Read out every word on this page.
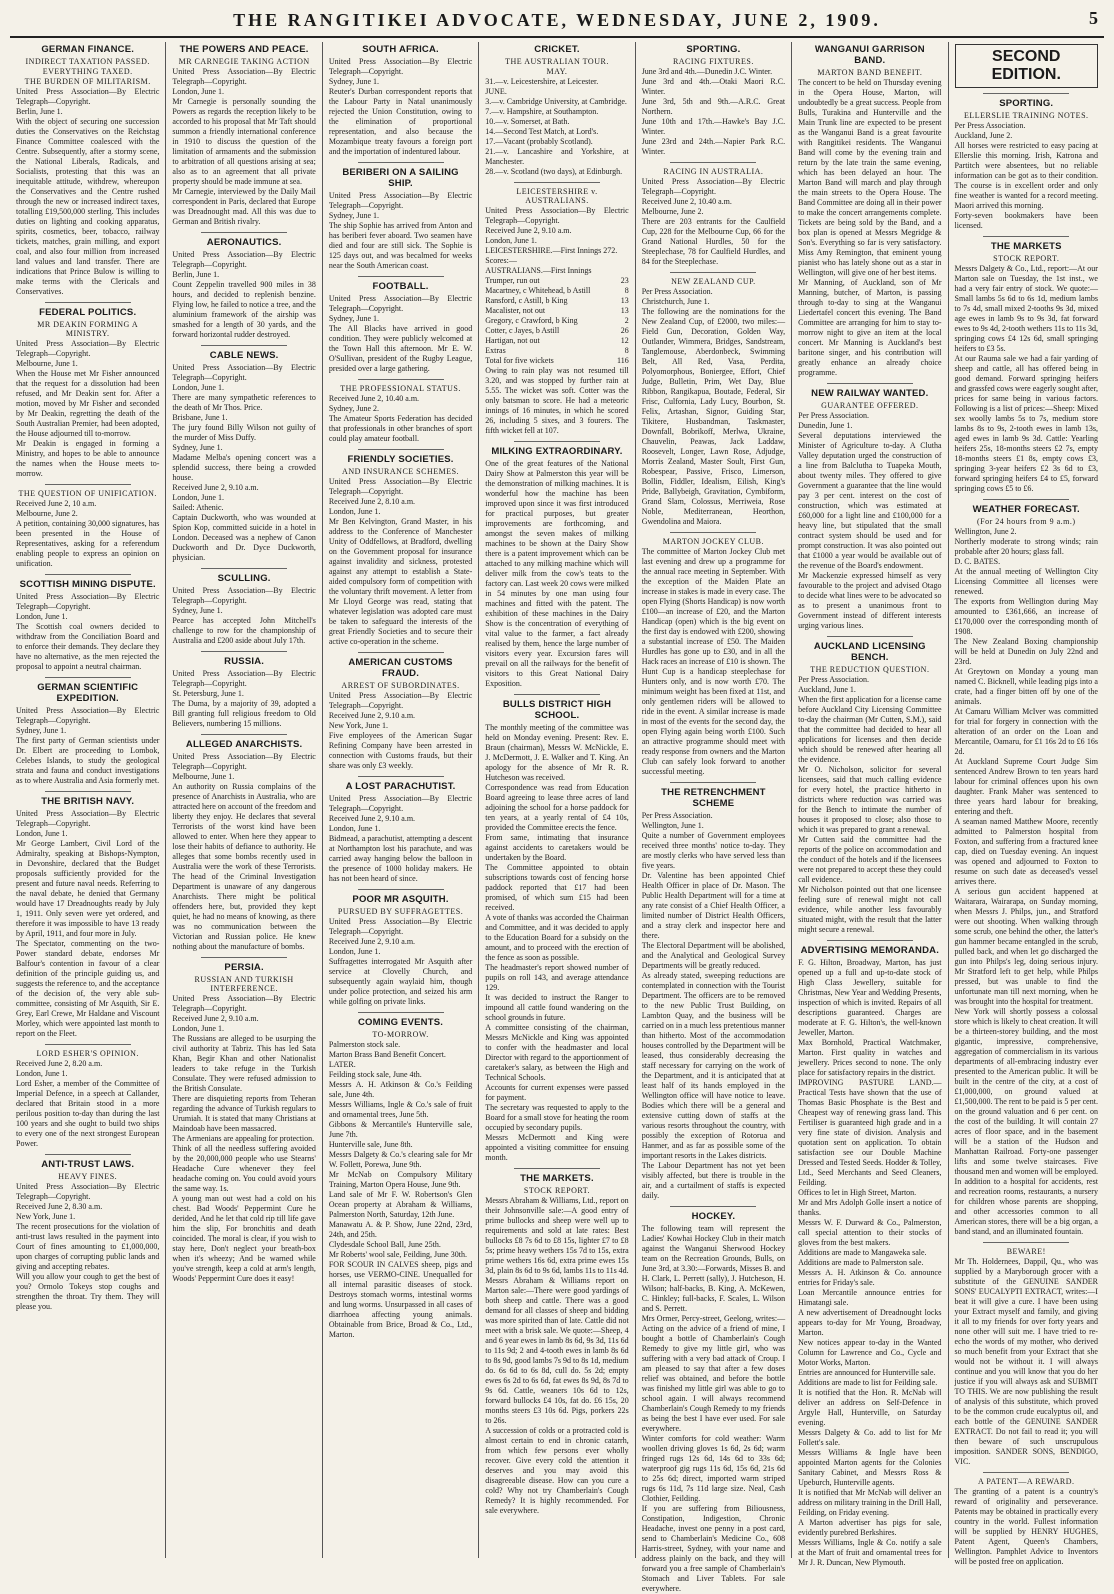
THE RANGITIKEI ADVOCATE, WEDNESDAY, JUNE 2, 1909.	5
GERMAN FINANCE.
INDIRECT TAXATION PASSED.
EVERYTHING TAXED.
THE BURDEN OF MILITARISM.
United Press Association—By Electric Telegraph—Copyright.
Berlin, June 1.
With the object of securing one succession duties the Conservatives on the Reichstag Finance Committee coalesced with the Centre. Subsequently, after a stormy scene, the National Liberals, Radicals, and Socialists, protesting that this was an inequitable attitude, withdrew, whereupon the Conservatives and the Centre rushed through the new or increased indirect taxes, totalling £19,500,000 sterling. This includes duties on lighting and cooking apparatus, spirits, cosmetics, beer, tobacco, railway tickets, matches, grain milling, and export coal, and also four million from increased land values and land transfer. There are indications that Prince Bulow is willing to make terms with the Clericals and Conservatives.
FEDERAL POLITICS.
MR DEAKIN FORMING A MINISTRY.
United Press Association—By Electric Telegraph—Copyright.
Melbourne, June 1.
When the House met Mr Fisher announced that the request for a dissolution had been refused, and Mr Deakin sent for. After a motion, moved by Mr Fisher and seconded by Mr Deakin, regretting the death of the South Australian Premier, had been adopted, the House adjourned till to-morrow.
Mr Deakin is engaged in forming a Ministry, and hopes to be able to announce the names when the House meets to-morrow.
THE QUESTION OF UNIFICATION.
Received June 2, 10 a.m.
Melbourne, June 2.
A petition, containing 30,000 signatures, has been presented in the House of Representatives, asking for a referendum enabling people to express an opinion on unification.
SCOTTISH MINING DISPUTE.
United Press Association—By Electric Telegraph—Copyright.
London, June 1.
The Scottish coal owners decided to withdraw from the Conciliation Board and to enforce their demands. They declare they have no alternative, as the men rejected the proposal to appoint a neutral chairman.
GERMAN SCIENTIFIC EXPEDITION.
United Press Association—By Electric Telegraph—Copyright.
Sydney, June 1.
The first party of German scientists under Dr. Elbert are proceeding to Lombok, Celebes Islands, to study the geological strata and fauna and conduct investigations as to where Australia and Asia formerly met.
THE BRITISH NAVY.
United Press Association—By Electric Telegraph—Copyright.
London, June 1.
Mr George Lambert, Civil Lord of the Admiralty, speaking at Bishops-Nympton, in Devonshire, declared that the Budget proposals sufficiently provided for the present and future naval needs. Referring to the naval debate, he denied that Germany would have 17 Dreadnoughts ready by July 1, 1911. Only seven were yet ordered, and therefore it was impossible to have 13 ready by April, 1911, and four more in July.
The Spectator, commenting on the two-Power standard debate, endorses Mr Balfour's contention in favour of a clear definition of the principle guiding us, and suggests the reference to, and the acceptance of the decision of, the very able sub-committee, consisting of Mr Asquith, Sir E. Grey, Earl Crewe, Mr Haldane and Viscount Morley, which were appointed last month to report on the Fleet.
LORD ESHER'S OPINION.
Received June 2, 8.20 a.m.
London, June 1.
Lord Esher, a member of the Committee of Imperial Defence, in a speech at Callander, declared that Britain stood in a more perilous position to-day than during the last 100 years and she ought to build two ships to every one of the next strongest European Power.
ANTI-TRUST LAWS.
HEAVY FINES.
United Press Association—By Electric Telegraph—Copyright.
Received June 2, 8.30 a.m.
New York, June 1.
The recent prosecutions for the violation of anti-trust laws resulted in the payment into Court of fines amounting to £1,000,000, upon charges of corrupting public lands and giving and accepting rebates.
Will you allow your cough to get the best of you? Ormolo Tokeys stop coughs and strengthen the throat. Try them. They will please you.
THE POWERS AND PEACE.
MR CARNEGIE TAKING ACTION
United Press Association—By Electric Telegraph—Copyright.
London, June 1.
Mr Carnegie is personally sounding the Powers as regards the reception likely to be accorded to his proposal that Mr Taft should summon a friendly international conference in 1910 to discuss the question of the limitation of armaments and the submission to arbitration of all questions arising at sea; also as to an agreement that all private property should be made immune at sea.
Mr Carnegie, interviewed by the Daily Mail correspondent in Paris, declared that Europe was Dreadnought mad. All this was due to German and British rivalry.
AERONAUTICS.
United Press Association—By Electric Telegraph—Copyright.
Berlin, June 1.
Count Zeppelin travelled 900 miles in 38 hours, and decided to replenish benzine. Flying low, he failed to notice a tree, and the aluminium framework of the airship was smashed for a length of 30 yards, and the forward horizontal rudder destroyed.
CABLE NEWS.
United Press Association—By Electric Telegraph—Copyright.
London, June 1.
There are many sympathetic references to the death of Mr Thos. Price.
Brisbane, June 1.
The jury found Billy Wilson not guilty of the murder of Miss Duffy.
Sydney, June 1.
Madame Melba's opening concert was a splendid success, there being a crowded house.
Received June 2, 9.10 a.m.
London, June 1.
Sailed: Athenic.
Captain Duckworth, who was wounded at Spion Kop, committed suicide in a hotel in London. Deceased was a nephew of Canon Duckworth and Dr. Dyce Duckworth, physician.
SCULLING.
United Press Association—By Electric Telegraph—Copyright.
Sydney, June 1.
Pearce has accepted John Mitchell's challenge to row for the championship of Australia and £200 aside about July 17th.
RUSSIA.
United Press Association—By Electric Telegraph—Copyright.
St. Petersburg, June 1.
The Duma, by a majority of 39, adopted a Bill granting full religious freedom to Old Believers, numbering 15 millions.
ALLEGED ANARCHISTS.
United Press Association—By Electric Telegraph—Copyright.
Melbourne, June 1.
An authority on Russia complains of the presence of Anarchists in Australia, who are attracted here on account of the freedom and liberty they enjoy. He declares that several Terrorists of the worst kind have been allowed to enter. When here they appear to lose their habits of defiance to authority. He alleges that some bombs recently used in Australia were the work of these Terrorists. The head of the Criminal Investigation Department is unaware of any dangerous Anarchists. There might be political offenders here, but, provided they kept quiet, he had no means of knowing, as there was no communication between the Victorian and Russian police. He knew nothing about the manufacture of bombs.
PERSIA.
RUSSIAN AND TURKISH INTERFERENCE.
United Press Association—By Electric Telegraph—Copyright.
Received June 2, 9.10 a.m.
London, June 1.
The Russians are alleged to be usurping the civil authority at Tabriz. This has led Sata Khan, Begir Khan and other Nationalist leaders to take refuge in the Turkish Consulate. They were refused admission to the British Consulate.
There are disquieting reports from Teheran regarding the advance of Turkish regulars to Urumiah. It is stated that many Christians at Maindoab have been massacred.
The Armenians are appealing for protection.
Think of all the needless suffering avoided by the 20,000,000 people who use Stearns' Headache Cure whenever they feel headache coming on. You could avoid yours the same way. 1s.
A young man out west had a cold on his chest. Bad Woods' Peppermint Cure he derided, And he let that cold rip till life gave him the slip, For bronchitis and death coincided. The moral is clear, if you wish to stay here, Don't neglect your breath-box when it's wheezy; And be warned while you've strength, keep a cold at arm's length, Woods' Peppermint Cure does it easy!
SOUTH AFRICA.
United Press Association—By Electric Telegraph—Copyright.
Sydney, June 1.
Reuter's Durban correspondent reports that the Labour Party in Natal unanimously rejected the Union Constitution, owing to the elimination of proportional representation, and also because the Mozambique treaty favours a foreign port and the importation of indentured labour.
BERIBERI ON A SAILING SHIP.
United Press Association—By Electric Telegraph—Copyright.
Sydney, June 1.
The ship Sophie has arrived from Anton and has beriberi fever aboard. Two seamen have died and four are still sick. The Sophie is 125 days out, and was becalmed for weeks near the South American coast.
FOOTBALL.
United Press Association—By Electric Telegraph—Copyright.
Sydney, June 1.
The All Blacks have arrived in good condition. They were publicly welcomed at the Town Hall this afternoon. Mr E. W. O'Sullivan, president of the Rugby League, presided over a large gathering.
THE PROFESSIONAL STATUS.
Received June 2, 10.40 a.m.
Sydney, June 2.
The Amateur Sports Federation has decided that professionals in other branches of sport could play amateur football.
FRIENDLY SOCIETIES.
AND INSURANCE SCHEMES.
United Press Association—By Electric Telegraph—Copyright.
Received June 2, 8.10 a.m.
London, June 1.
Mr Ben Kelvington, Grand Master, in his address to the Conference of Manchester Unity of Oddfellows, at Bradford, dwelling on the Government proposal for insurance against invalidity and sickness, protested against any attempt to establish a State-aided compulsory form of competition with the voluntary thrift movement. A letter from Mr Lloyd George was read, stating that whatever legislation was adopted care must be taken to safeguard the interests of the great Friendly Societies and to secure their active co-operation in the scheme.
AMERICAN CUSTOMS FRAUD.
ARREST OF SUBORDINATES.
United Press Association—By Electric Telegraph—Copyright.
Received June 2, 9.10 a.m.
New York, June 1.
Five employees of the American Sugar Refining Company have been arrested in connection with Customs frauds, but their share was only £3 weekly.
A LOST PARACHUTIST.
United Press Association—By Electric Telegraph—Copyright.
Received June 2, 9.10 a.m.
London, June 1.
Bidmead, a parachutist, attempting a descent at Northampton lost his parachute, and was carried away hanging below the balloon in the presence of 1000 holiday makers. He has not been heard of since.
POOR MR ASQUITH.
PURSUED BY SUFFRAGETTES.
United Press Association—By Electric Telegraph—Copyright.
Received June 2, 9.10 a.m.
London, June 1.
Suffragettes interrogated Mr Asquith after service at Clovelly Church, and subsequently again waylaid him, though under police protection, and seized his arm while golfing on private links.
COMING EVENTS.
TO-MORROW.
Palmerston stock sale.
Marton Brass Band Benefit Concert.
LATER.
Feilding stock sale, June 4th.
Messrs A. H. Atkinson & Co.'s Feilding sale, June 4th.
Messrs Williams, Ingle & Co.'s sale of fruit and ornamental trees, June 5th.
Gibbons & Mercantile's Hunterville sale, June 7th.
Hunterville sale, June 8th.
Messrs Dalgety & Co.'s clearing sale for Mr W. Follett, Porewa, June 9th.
Mr McNab on Compulsory Military Training, Marton Opera House, June 9th.
Land sale of Mr F. W. Robertson's Glen Ocean property at Abraham & Williams, Palmerston North, Saturday, 12th June.
Manawatu A. & P. Show, June 22nd, 23rd, 24th, and 25th.
Clydesdale School Ball, June 25th.
Mr Roberts' wool sale, Feilding, June 30th.
FOR SCOUR IN CALVES sheep, pigs and horses, use VERMO-CINE. Unequalled for all internal parasitic diseases of stock. Destroys stomach worms, intestinal worms and lung worms. Unsurpassed in all cases of diarrhoea affecting young animals. Obtainable from Brice, Broad & Co., Ltd., Marton.
CRICKET.
THE AUSTRALIAN TOUR.
MAY.
31.—v. Leicestershire, at Leicester.
JUNE.
3.—v. Cambridge University, at Cambridge.
7.—v. Hampshire, at Southampton.
10.—v. Somerset, at Bath.
14.—Second Test Match, at Lord's.
17.—Vacant (probably Scotland).
21.—v. Lancashire and Yorkshire, at Manchester.
28.—v. Scotland (two days), at Edinburgh.
LEICESTERSHIRE v. AUSTRALIANS.
United Press Association—By Electric Telegraph—Copyright.
Received June 2, 9.10 a.m.
London, June 1.
LEICESTERSHIRE.—First Innings 272.
Scores:—
AUSTRALIANS.—First Innings
Trumper, run out	23
Macartney, c Whitehead, b Astill	8
Ransford, c Astill, b King	13
Macalister, not out	13
Gregory, c Crawford, b King	2
Cotter, c Jayes, b Astill	26
Hartigan, not out	12
Extras	8
Total for five wickets	116
Owing to rain play was not resumed till 3.20, and was stopped by further rain at 5.55. The wicket was soft. Cotter was the only batsman to score. He had a meteoric innings of 16 minutes, in which he scored 26, including 5 sixes, and 3 fourers. The fifth wicket fell at 107.
MILKING EXTRAORDINARY.
One of the great features of the National Dairy Show at Palmerston this year will be the demonstration of milking machines. It is wonderful how the machine has been improved upon since it was first introduced for practical purposes, but greater improvements are forthcoming, and amongst the seven makes of milking machines to be shown at the Dairy Show there is a patent improvement which can be attached to any milking machine which will deliver milk from the cow's teats to the factory can. Last week 20 cows were milked in 54 minutes by one man using four machines and fitted with the patent. The exhibition of these machines in the Dairy Show is the concentration of everything of vital value to the farmer, a fact already realised by them, hence the large number of visitors every year. Excursion fares will prevail on all the railways for the benefit of visitors to this Great National Dairy Exposition.
BULLS DISTRICT HIGH SCHOOL.
The monthly meeting of the committee was held on Monday evening. Present: Rev. E. Braun (chairman), Messrs W. McNickle, E. J. McDermott, J. E. Walker and T. King. An apology for the absence of Mr R. R. Hutcheson was received.
Correspondence was read from Education Board agreeing to lease three acres of land adjoining the school for a horse paddock for ten years, at a yearly rental of £4 10s, provided the Committee erects the fence.
From same, intimating that insurance against accidents to caretakers would be undertaken by the Board.
The Committee appointed to obtain subscriptions towards cost of fencing horse paddock reported that £17 had been promised, of which sum £15 had been received.
A vote of thanks was accorded the Chairman and Committee, and it was decided to apply to the Education Board for a subsidy on the amount, and to proceed with the erection of the fence as soon as possible.
The headmaster's report showed number of pupils on roll 143, and average attendance 129.
It was decided to instruct the Ranger to impound all cattle found wandering on the school grounds in future.
A committee consisting of the chairman, Messrs McNickle and King was appointed to confer with the headmaster and local Director with regard to the apportionment of caretaker's salary, as between the High and Technical Schools.
Accounts for current expenses were passed for payment.
The secretary was requested to apply to the Board for a small stove for heating the room occupied by secondary pupils.
Messrs McDermott and King were appointed a visiting committee for ensuing month.
THE MARKETS.
STOCK REPORT.
Messrs Abraham & Williams, Ltd., report on their Johnsonville sale:—A good entry of prime bullocks and sheep were well up to requirements and sold at late rates: Best bullocks £8 7s 6d to £8 15s, lighter £7 to £8 5s; prime heavy wethers 15s 7d to 15s, extra prime wethers 16s 6d, extra prime ewes 15s 3d, plain 8s 6d to 9s 6d, lambs 11s to 11s 4d.
Messrs Abraham & Williams report on Marton sale:—There were good yardings of both sheep and cattle. There was a good demand for all classes of sheep and bidding was more spirited than of late. Cattle did not meet with a brisk sale. We quote:—Sheep, 4 and 6 year ewes in lamb 8s 6d, 9s 3d, 11s 6d to 11s 9d; 2 and 4-tooth ewes in lamb 8s 6d to 8s 9d, good lambs 7s 9d to 8s 1d, medium do. 6s 6d to 6s 8d, cull do. 5s 2d; empty ewes 6s 2d to 6s 6d, fat ewes 8s 9d, 8s 7d to 9s 6d. Cattle, weaners 10s 6d to 12s, forward bullocks £4 10s, fat do. £6 15s, 20 months steers £3 10s 6d. Pigs, porkers 22s to 26s.
A succession of colds or a protracted cold is almost certain to end in chronic catarrh, from which few persons ever wholly recover. Give every cold the attention it deserves and you may avoid this disagreeable disease. How can you cure a cold? Why not try Chamberlain's Cough Remedy? It is highly recommended. For sale everywhere.
SPORTING.
RACING FIXTURES.
June 3rd and 4th.—Dunedin J.C. Winter.
June 3rd and 4th.—Otaki Maori R.C. Winter.
June 3rd, 5th and 9th.—A.R.C. Great Northern.
June 10th and 17th.—Hawke's Bay J.C. Winter.
June 23rd and 24th.—Napier Park R.C. Winter.
RACING IN AUSTRALIA.
United Press Association—By Electric Telegraph—Copyright.
Received June 2, 10.40 a.m.
Melbourne, June 2.
There are 203 entrants for the Caulfield Cup, 228 for the Melbourne Cup, 66 for the Grand National Hurdles, 50 for the Steeplechase, 78 for Caulfield Hurdles, and 84 for the Steeplechase.
NEW ZEALAND CUP.
Per Press Association.
Christchurch, June 1.
The following are the nominations for the New Zealand Cup, of £2000, two miles:—Field Gun, Decoration, Golden Way, Outlander, Wimmera, Bridges, Sandstream, Tanglemouse, Aberdonbeck, Swimming Belt, All Red, Vasa, Perdita, Polyomorphous, Boniergee, Effort, Chief Judge, Bulletin, Prim, Wet Day, Blue Ribbon, Rangikapua, Boutade, Federal, Sir Frisc, Culfornia, Lady Lucy, Bourbon, St. Felix, Artashan, Signor, Guiding Star, Tikitere, Husbandman, Taskmaster, Downfall, Bobrikoff, Merlwa, Ukraine, Chauvelin, Peawas, Jack Laddaw, Roosevelt, Longer, Lawn Rose, Adjudge, Morris Zealand, Master Soult, First Gun, Robespear, Passive, Frisco, Limerson, Bollin, Fiddler, Idealism, Eilish, King's Pride, Ballybeigh, Gravitation, Cymbiform, Grand Slam, Colossus, Merriweia, Rose Noble, Mediterranean, Heorthon, Gwendolina and Maiora.
MARTON JOCKEY CLUB.
The committee of Marton Jockey Club met last evening and drew up a programme for the annual race meeting in September. With the exception of the Maiden Plate an increase in stakes is made in every case. The open Flying (Shorts Handicap) is now worth £100—an increase of £20, and the Marton Handicap (open) which is the big event on the first day is endowed with £200, showing a substantial increase of £50. The Maiden Hurdles has gone up to £30, and in all the Hack races an increase of £10 is shown. The Hunt Cup is a handicap steeplechase for Hunters only, and is now worth £70. The minimum weight has been fixed at 11st, and only gentlemen riders will be allowed to ride in the event. A similar increase is made in most of the events for the second day, the open Flying again being worth £100. Such an attractive programme should meet with ready response from owners and the Marton Club can safely look forward to another successful meeting.
THE RETRENCHMENT SCHEME
Per Press Association.
Wellington, June 1.
Quite a number of Government employees received three months' notice to-day. They are mostly clerks who have served less than five years.
Dr. Valentine has been appointed Chief Health Officer in place of Dr. Mason. The Public Health Department will for a time at any rate consist of a Chief Health Officer, a limited number of District Health Officers, and a stray clerk and inspector here and there.
The Electoral Department will be abolished, and the Analytical and Geological Survey Departments will be greatly reduced.
As already stated, sweeping reductions are contemplated in connection with the Tourist Department. The officers are to be removed to the new Public Trust Building, on Lambton Quay, and the business will be carried on in a much less pretentious manner than hitherto. Most of the accommodation houses controlled by the Department will be leased, thus considerably decreasing the staff necessary for carrying on the work of the Department, and it is anticipated that at least half of its hands employed in the Wellington office will have notice to leave. Bodies which there will be a general and extensive cutting down of staffs at the various resorts throughout the country, with possibly the exception of Rotorua and Hanmer, and as far as possible some of the important resorts in the Lakes districts.
The Labour Department has not yet been visibly affected, but there is trouble in the air, and a curtailment of staffs is expected daily.
HOCKEY.
The following team will represent the Ladies' Kowhai Hockey Club in their match against the Wanganui Sherwood Hockey team on the Recreation Grounds, Bulls, on June 3rd, at 3.30:—Forwards, Misses B. and H. Clark, L. Perrett (sally), J. Hutcheson, H. Wilson; half-backs, B. King, A. McKewen, C. Hinkley; full-backs, F. Scales, L. Wilson and S. Perrett.
Mrs Ormer, Percy-street, Geelong, writes:—Acting on the advice of a friend of mine, I bought a bottle of Chamberlain's Cough Remedy to give my little girl, who was suffering with a very bad attack of Croup. I am pleased to say that after a few doses relief was obtained, and before the bottle was finished my little girl was able to go to school again. I will always recommend Chamberlain's Cough Remedy to my friends as being the best I have ever used. For sale everywhere.
Winter comforts for cold weather: Warm woollen driving gloves 1s 6d, 2s 6d; warm fringed rugs 12s 6d, 14s 6d to 33s 6d; waterproof gig rugs 11s 6d, 15s 6d, 21s 6d to 25s 6d; direct, imported warm striped rugs 6s 11d, 7s 11d large size. Neal, Cash Clothier, Feilding.
If you are suffering from Biliousness, Constipation, Indigestion, Chronic Headache, invest one penny in a post card, send to Chamberlain's Medicine Co., 608 Harris-street, Sydney, with your name and address plainly on the back, and they will forward you a free sample of Chamberlain's Stomach and Liver Tablets. For sale everywhere.
WANGANUI GARRISON BAND.
MARTON BAND BENEFIT.
The concert to be held on Thursday evening in the Opera House, Marton, will undoubtedly be a great success. People from Bulls, Turakina and Hunterville and the Main Trunk line are expected to be present as the Wanganui Band is a great favourite with Rangitikei residents. The Wanganui Band will come by the evening train and return by the late train the same evening, which has been delayed an hour. The Marton Band will march and play through the main streets to the Opera House. The Band Committee are doing all in their power to make the concert arrangements complete. Tickets are being sold by the Band, and a box plan is opened at Messrs Megridge & Son's. Everything so far is very satisfactory. Miss Amy Remington, that eminent young pianist who has lately shone out as a star in Wellington, will give one of her best items.
Mr Manning, of Auckland, son of Mr Manning, butcher, of Marton, is passing through to-day to sing at the Wanganui Liedertafel concert this evening. The Band Committee are arranging for him to stay to-morrow night to give an item at the local concert. Mr Manning is Auckland's best baritone singer, and his contribution will greatly enhance an already choice programme.
NEW RAILWAY WANTED.
GUARANTEE OFFERED.
Per Press Association.
Dunedin, June 1.
Several deputations interviewed the Minister of Agriculture to-day. A Clutha Valley deputation urged the construction of a line from Balclutha to Tuapeka Mouth, about twenty miles. They offered to give Government a guarantee that the line would pay 3 per cent. interest on the cost of construction, which was estimated at £60,000 for a light line and £100,000 for a heavy line, but stipulated that the small contract system should be used and for prompt construction. It was also pointed out that £1000 a year would be available out of the revenue of the Board's endowment.
Mr Mackenzie expressed himself as very favourable to the project and advised Otago to decide what lines were to be advocated so as to present a unanimous front to Government instead of different interests urging various lines.
AUCKLAND LICENSING BENCH.
THE REDUCTION QUESTION.
Per Press Association.
Auckland, June 1.
When the first application for a license came before Auckland City Licensing Committee to-day the chairman (Mr Cutten, S.M.), said that the committee had decided to hear all applications for licenses and then decide which should be renewed after hearing all the evidence.
Mr O. Nicholson, solicitor for several licensees, said that much calling evidence for every hotel, the practice hitherto in districts where reduction was carried was for the Bench to intimate the number of houses it proposed to close; also those to which it was prepared to grant a renewal.
Mr Cutten said the committee had the reports of the police on accommodation and the conduct of the hotels and if the licensees were not prepared to accept these they could call evidence.
Mr Nicholson pointed out that one licensee feeling sure of renewal might not call evidence, while another less favourably situated might, with the result that the latter might secure a renewal.
ADVERTISING MEMORANDA.
F. G. Hilton, Broadway, Marton, has just opened up a full and up-to-date stock of High Class Jewellery, suitable for Christmas, New Year and Wedding Presents, inspection of which is invited. Repairs of all descriptions guaranteed. Charges are moderate at F. G. Hilton's, the well-known Jeweller, Marton.
Max Bornhold, Practical Watchmaker, Marton. First quality in watches and jewellery. Prices second to none. The only place for satisfactory repairs in the district.
IMPROVING PASTURE LAND.—Practical Tests have shown that the use of Thomas Basic Phosphate is the Best and Cheapest way of renewing grass land. This Fertiliser is guaranteed high grade and in a very fine state of division. Analysis and quotation sent on application. To obtain satisfaction see our Double Machine Dressed and Tested Seeds. Hodder & Tolley, Ltd., Seed Merchants and Seed Cleaners, Feilding.
Offices to let in High Street, Marton.
Mr and Mrs Adolph Golle insert a notice of thanks.
Messrs W. F. Durward & Co., Palmerston, call special attention to their stocks of gloves from the best makers.
Additions are made to Mangaweka sale.
Additions are made to Palmerston sale.
Messrs A. H. Atkinson & Co. announce entries for Friday's sale.
Loan Mercantile announce entries for Himatangi sale.
A new advertisement of Dreadnought locks appears to-day for Mr Young, Broadway, Marton.
New notices appear to-day in the Wanted Column for Lawrence and Co., Cycle and Motor Works, Marton.
Entries are announced for Hunterville sale.
Additions are made to list for Feilding sale.
It is notified that the Hon. R. McNab will deliver an address on Self-Defence in Argyle Hall, Hunterville, on Saturday evening.
Messrs Dalgety & Co. add to list for Mr Follett's sale.
Messrs Williams & Ingle have been appointed Marton agents for the Colonies Sanitary Cabinet, and Messrs Ross & Upeburch, Hunterville agents.
It is notified that Mr McNab will deliver an address on military training in the Drill Hall, Feilding, on Friday evening.
A Marton advertiser has pigs for sale, evidently purebred Berkshires.
Messrs Williams, Ingle & Co. notify a sale at the Mart of fruit and ornamental trees for Mr J. R. Duncan, New Plymouth.
SECOND EDITION.
SPORTING.
ELLERSLIE TRAINING NOTES.
Per Press Association.
Auckland, June 2.
All horses were restricted to easy pacing at Ellerslie this morning. Irish, Katrona and Partitch were absentees, but no reliable information can be got as to their condition. The course is in excellent order and only fine weather is wanted for a record meeting. Maori arrived this morning.
Forty-seven bookmakers have been licensed.
THE MARKETS
STOCK REPORT.
Messrs Dalgety & Co., Ltd., report:—At our Marton sale on Tuesday, the 1st inst., we had a very fair entry of stock. We quote:—Small lambs 5s 6d to 6s 1d, medium lambs to 7s 4d, small mixed 2-tooths 9s 3d, mixed age ewes in lamb 9s to 9s 3d, fat forward ewes to 9s 4d, 2-tooth wethers 11s to 11s 3d, springing cows £4 12s 6d, small springing heifers to £3 5s.
At our Rauma sale we had a fair yarding of sheep and cattle, all has offered being in good demand. Forward springing heifers and grassfed cows were eagerly sought after, prices for same being in various factors. Following is a list of prices:—Sheep: Mixed sex woolly lambs 5s to 7s, medium store lambs 8s to 9s, 2-tooth ewes in lamb 13s, aged ewes in lamb 9s 3d. Cattle: Yearling heifers 25s, 18-months steers £2 7s, empty 18-months steers £1 8s, empty cows £3, springing 3-year heifers £2 3s 6d to £3, forward springing heifers £4 to £5, forward springing cows £5 to £6.
WEATHER FORECAST.
(For 24 hours from 9 a.m.)
Wellington, June 2.
Northerly moderate to strong winds; rain probable after 20 hours; glass fall.
D. C. BATES.
At the annual meeting of Wellington City Licensing Committee all licenses were renewed.
The exports from Wellington during May amounted to £361,666, an increase of £170,000 over the corresponding month of 1908.
The New Zealand Boxing championship will be held at Dunedin on July 22nd and 23rd.
At Greytown on Monday a young man named C. Bicknell, while leading pigs into a crate, had a finger bitten off by one of the animals.
At Camaru William McIver was committed for trial for forgery in connection with the alteration of an order on the Loan and Mercantile, Oamaru, for £1 16s 2d to £6 16s 2d.
At Auckland Supreme Court Judge Sim sentenced Andrew Brown to ten years hard labour for criminal offences upon his own daughter. Frank Maher was sentenced to three years hard labour for breaking, entering and theft.
A seaman named Matthew Moore, recently admitted to Palmerston hospital from Foxton, and suffering from a fractured knee cap, died on Tuesday evening. An inquest was opened and adjourned to Foxton to resume on such date as deceased's vessel arrives there.
A serious gun accident happened at Waitarara, Wairarapa, on Sunday morning, when Messrs J. Philps, jun., and Stratford were out shooting. When walking through some scrub, one behind the other, the latter's gun hammer became entangled in the scrub, pulled back, and when let go discharged the gun into Philps's leg, doing serious injury. Mr Stratford left to get help, while Philps pressed, but was unable to find the unfortunate man till next morning, when he was brought into the hospital for treatment.
New York will shortly possess a colossal store which is likely to cheat creation. It will be a thirteen-storey building, and the most gigantic, impressive, comprehensive, aggregation of commercialism in its various departments of all-embracing industry ever presented to the American public. It will be built in the centre of the city, at a cost of £1,000,000, on ground valued at £1,500,000. The rent to be paid is 5 per cent. on the ground valuation and 6 per cent. on the cost of the building. It will contain 27 acres of floor space, and in the basement will be a station of the Hudson and Manhattan Railroad. Forty-one passenger lifts and some twelve staircases. Five thousand men and women will be employed. In addition to a hospital for accidents, rest and recreation rooms, restaurants, a nursery for children whose parents are shopping, and other accessories common to all American stores, there will be a big organ, a band stand, and an illuminated fountain.
BEWARE!
Mr Th. Holdernees, Dappil, Qu., who was supplied by a Maryborough grocer with a substitute of the GENUINE SANDER SONS' EUCALYPTI EXTRACT, writes:—I beat it will give a cure. I have been using your Extract myself and family, and giving it all to my friends for over forty years and none other will suit me. I have tried to re-echo the words of my mother, who derived so much benefit from your Extract that she would not be without it. I will always continue and you will know that you do her justice if you will always ask and SUBMIT TO THIS. We are now publishing the result of analysis of this substitute, which proved to be the common crude eucalyptus oil, and each bottle of the GENUINE SANDER EXTRACT. Do not fail to read it; you will then beware of such unscrupulous imposition. SANDER SONS, BENDIGO, VIC.
A PATENT—A REWARD.
The granting of a patent is a country's reward of originality and perseverance. Patents may be obtained in practically every country in the world. Fullest information will be supplied by HENRY HUGHES, Patent Agent, Queen's Chambers, Wellington. Pamphlet Advice to Inventors will be posted free on application.
